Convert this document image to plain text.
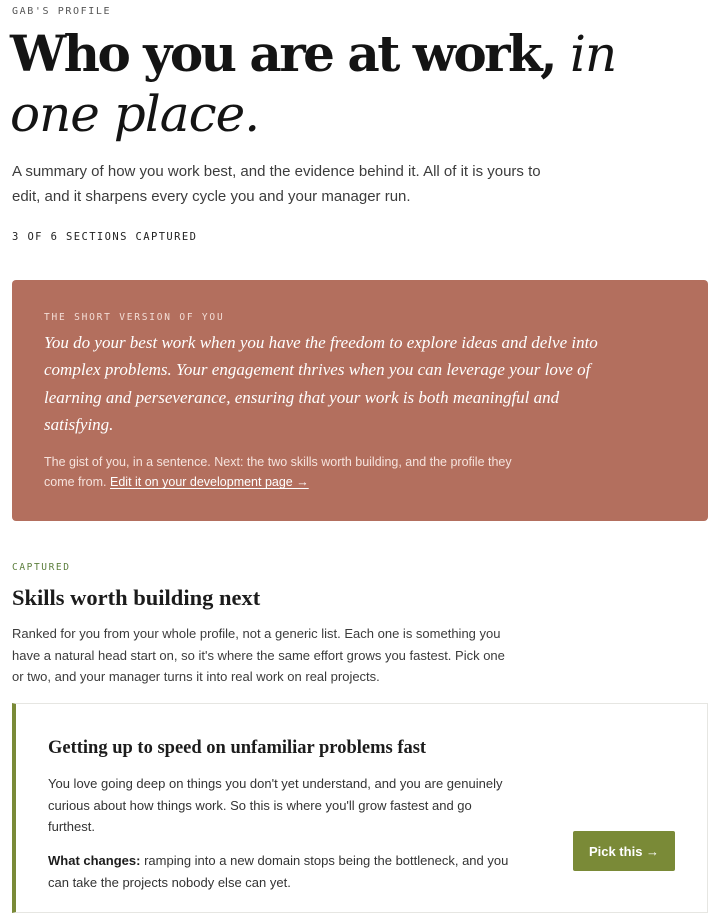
GAB'S PROFILE
Who you are at work, in one place.

A summary of how you work best, and the evidence behind it. All of it is yours to edit, and it sharpens every cycle you and your manager run.

3 OF 6 SECTIONS CAPTURED
THE SHORT VERSION OF YOU

You do your best work when you have the freedom to explore ideas and delve into complex problems. Your engagement thrives when you can leverage your love of learning and perseverance, ensuring that your work is both meaningful and satisfying.

The gist of you, in a sentence. Next: the two skills worth building, and the profile they come from. Edit it on your development page →

CAPTURED
Skills worth building next

Ranked for you from your whole profile, not a generic list. Each one is something you have a natural head start on, so it's where the same effort grows you fastest. Pick one or two, and your manager turns it into real work on real projects.

Getting up to speed on unfamiliar problems fast

You love going deep on things you don't yet understand, and you are genuinely curious about how things work. So this is where you'll grow fastest and go furthest.

What changes: ramping into a new domain stops being the bottleneck, and you can take the projects nobody else can yet.

Pick this →
